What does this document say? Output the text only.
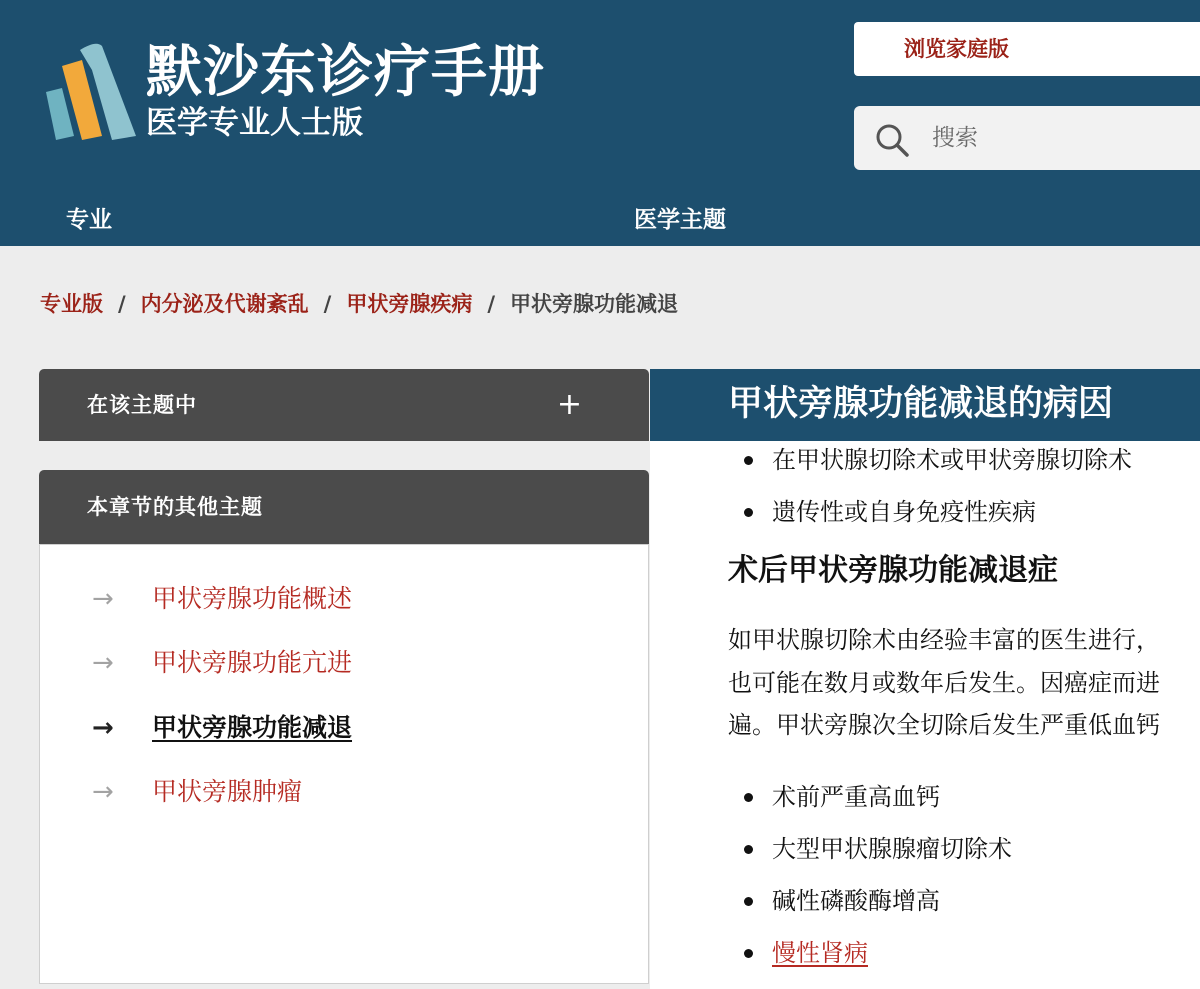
默沙东诊疗手册
医学专业人士版
浏览家庭版
搜索
专业	医学主题
专业版 / 内分泌及代谢紊乱 / 甲状旁腺疾病 / 甲状旁腺功能减退
在该主题中	+
本章节的其他主题
→ 甲状旁腺功能概述
→ 甲状旁腺功能亢进
→ 甲状旁腺功能减退
→ 甲状旁腺肿瘤
甲状旁腺功能减退的病因
在甲状腺切除术或甲状旁腺切除术
遗传性或自身免疫性疾病
术后甲状旁腺功能减退症
如甲状腺切除术由经验丰富的医生进行，
也可能在数月或数年后发生。因癌症而进
遍。甲状旁腺次全切除后发生严重低血钙
术前严重高血钙
大型甲状腺腺瘤切除术
碱性磷酸酶增高
慢性肾病
